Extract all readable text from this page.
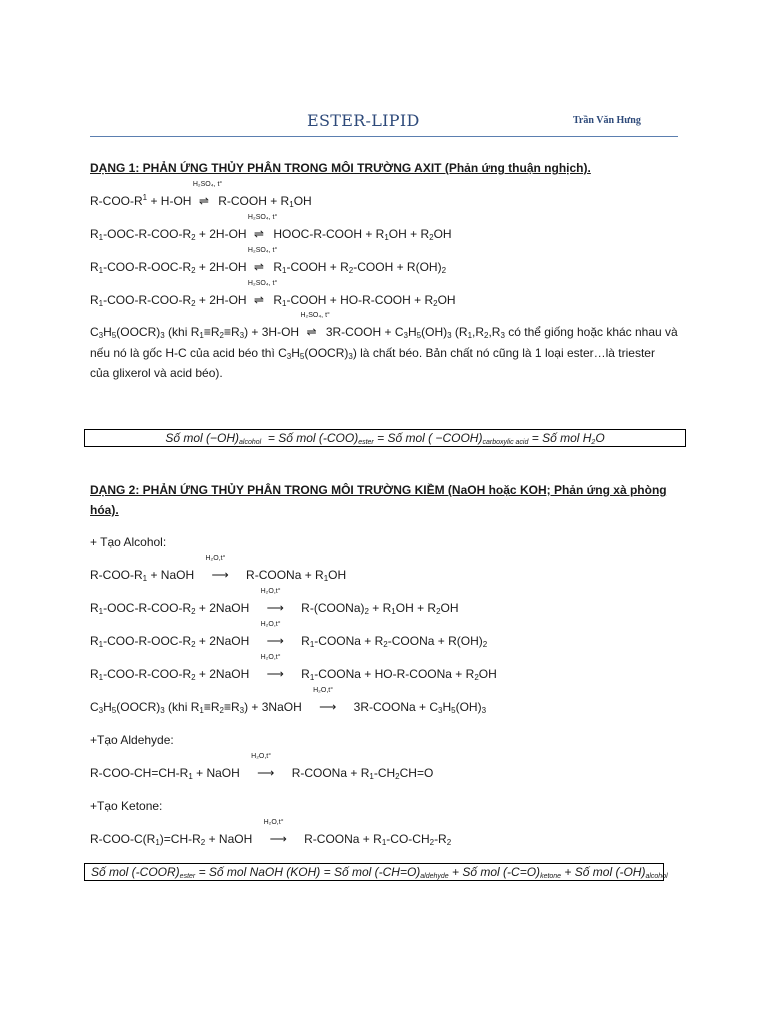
ESTER-LIPID	Trần Văn Hưng
DẠNG 1: PHẢN ỨNG THỦY PHÂN TRONG MÔI TRƯỜNG AXIT (Phản ứng thuận nghịch).
$R-COO-R^1 + H-OH$
H₂SO₄, t°
⇌ R-COOH + $R_1OH$
$R_1-OOC-R-COO-R_2 + 2H-OH$
H₂SO₄, t°
⇌ HOOC-R-COOH + $R_1OH + R_2OH$
$R_1-COO-R-OOC-R_2 + 2H-OH$
H₂SO₄, t°
⇌ $R_1$-COOH + $R_2$-COOH + $R(OH)_2$
$R_1-COO-R-COO-R_2 + 2H-OH$
H₂SO₄, t°
⇌ $R_1$-COOH + HO-R-COOH + $R_2OH$
$C_3H_5(OOCR)_3$ (khi $R_1\equiv R_2\equiv R_3) + 3H-OH$
H₂SO₄, t°
⇌ 3R-COOH + $C_3H_5(OH)_3$ ($R_1,R_2,R_3$ có thể giống hoặc khác nhau và
nếu nó là gốc H-C của acid béo thì $C_3H_5(OOCR)_3$) là chất béo. Bản chất nó cũng là 1 loại ester…là triester
của glixerol và acid béo).
Số mol $(-OH)_{alcohol}$  = Số mol $(-COO)_{ester}$ = Số mol ( $-COOH)_{carboxylic acid}$ = Số mol $H_2O$
DẠNG 2: PHẢN ỨNG THỦY PHÂN TRONG MÔI TRƯỜNG KIỀM (NaOH hoặc KOH; Phản ứng xà phòng
hóa).
+ Tạo Alcohol:
$R-COO-R_1$ + NaOH
H₂O,t°
⟶ R-COONa + $R_1OH$
$R_1-OOC-R-COO-R_2$ + 2NaOH
H₂O,t°
⟶ $R-(COONa)_2 + R_1OH + R_2OH$
$R_1-COO-R-OOC-R_2$ + 2NaOH
H₂O,t°
⟶ $R_1$-COONa + $R_2$-COONa + $R(OH)_2$
$R_1-COO-R-COO-R_2$ + 2NaOH
H₂O,t°
⟶ $R_1$-COONa + HO-R-COONa + $R_2OH$
$C_3H_5(OOCR)_3$ (khi $R_1\equiv R_2\equiv R_3$) + 3NaOH
H₂O,t°
⟶ 3R-COONa + $C_3H_5(OH)_3$
+Tạo Aldehyde:
$R-COO-CH=CH-R_1$ + NaOH
H₂O,t°
⟶ R-COONa + $R_1-CH_2CH=O$
+Tạo Ketone:
$R-COO-C(R_1)=CH-R_2$ + NaOH
H₂O,t°
⟶ R-COONa + $R_1-CO-CH_2-R_2$
Số mol $(-COOR)_{ester}$ = Số mol NaOH (KOH) = Số mol $(-CH=O)_{aldehyde}$ + Số mol $(-C=O)_{ketone}$ + Số mol $(-OH)_{alcohol}$
